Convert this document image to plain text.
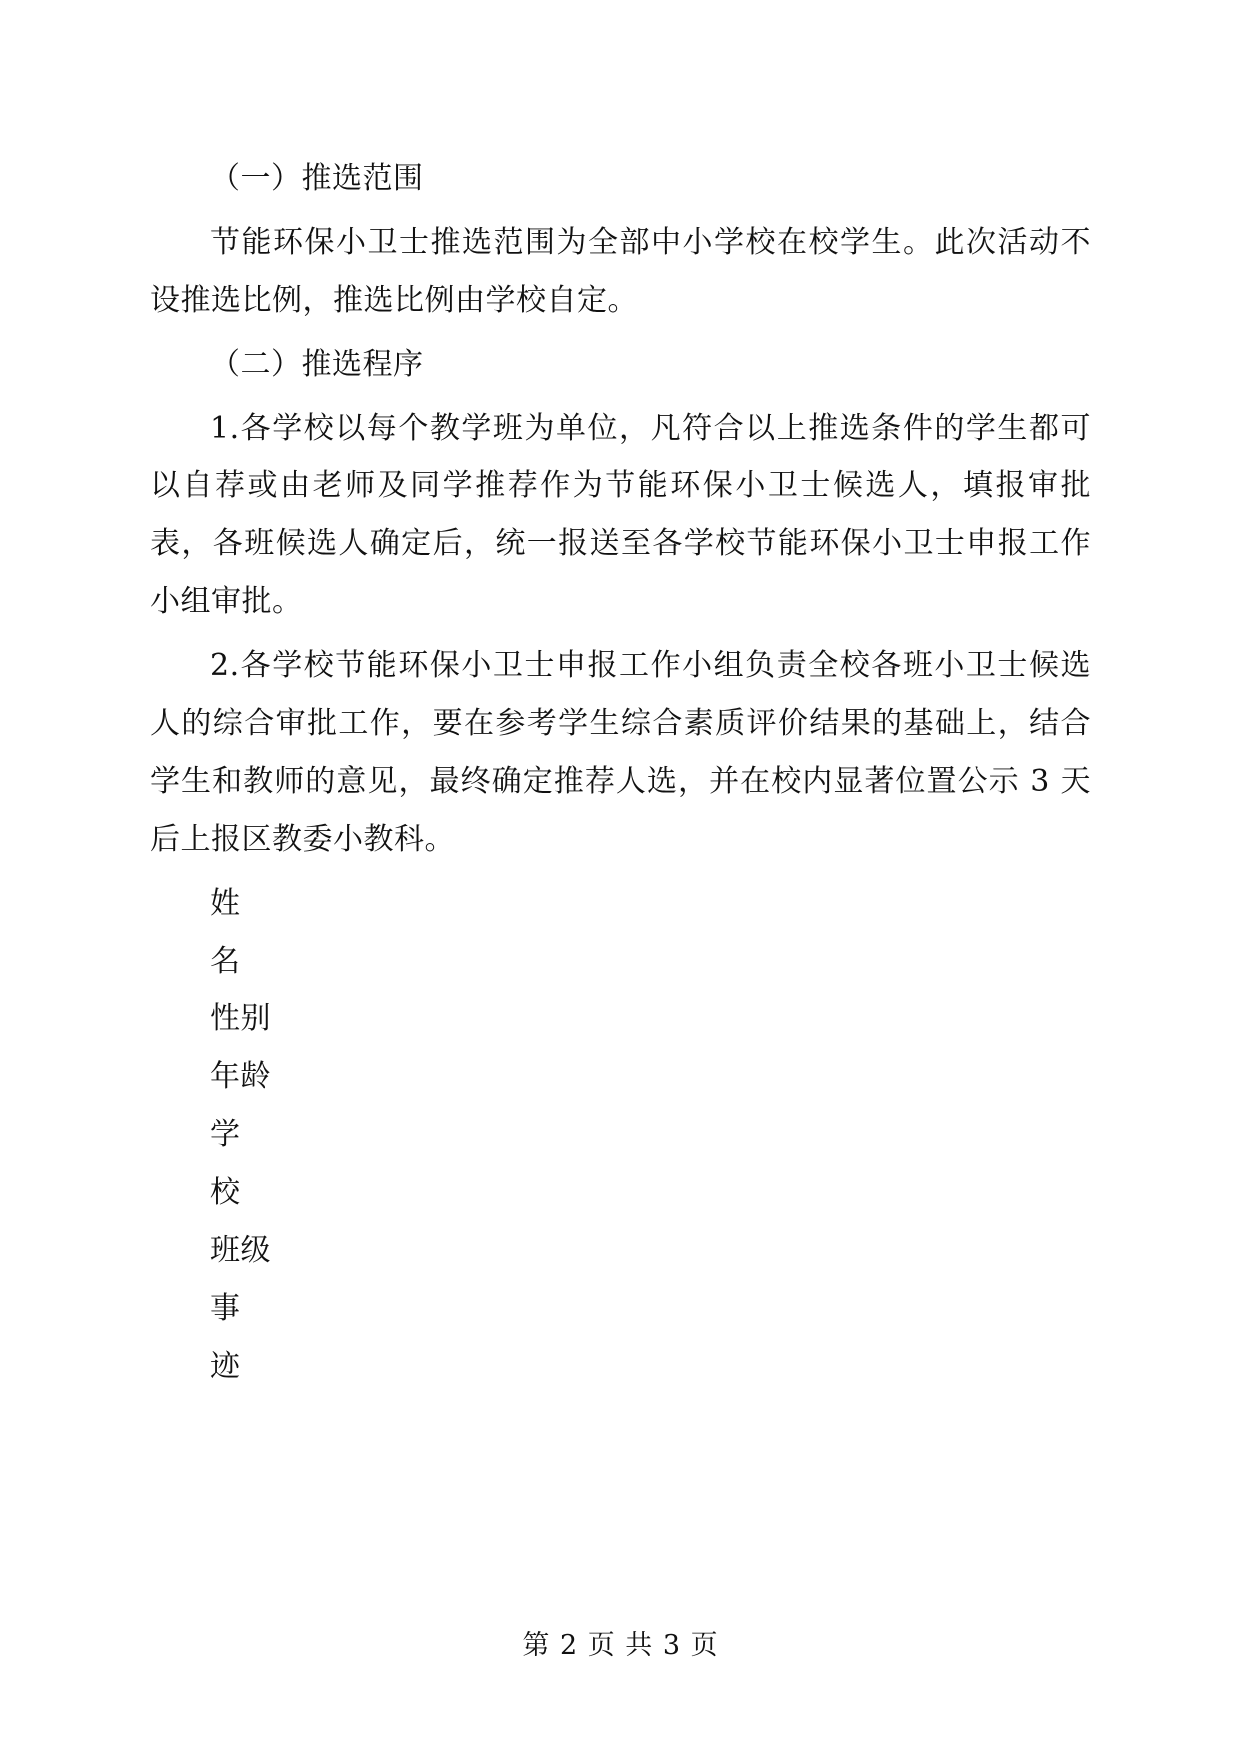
（一）推选范围

节能环保小卫士推选范围为全部中小学校在校学生。此次活动不设推选比例，推选比例由学校自定。

（二）推选程序

1.各学校以每个教学班为单位，凡符合以上推选条件的学生都可以自荐或由老师及同学推荐作为节能环保小卫士候选人，填报审批表，各班候选人确定后，统一报送至各学校节能环保小卫士申报工作小组审批。

2.各学校节能环保小卫士申报工作小组负责全校各班小卫士候选人的综合审批工作，要在参考学生综合素质评价结果的基础上，结合学生和教师的意见，最终确定推荐人选，并在校内显著位置公示 3 天后上报区教委小教科。

姓

名

性别

年龄

学

校

班级

事

迹

第 2 页 共 3 页
